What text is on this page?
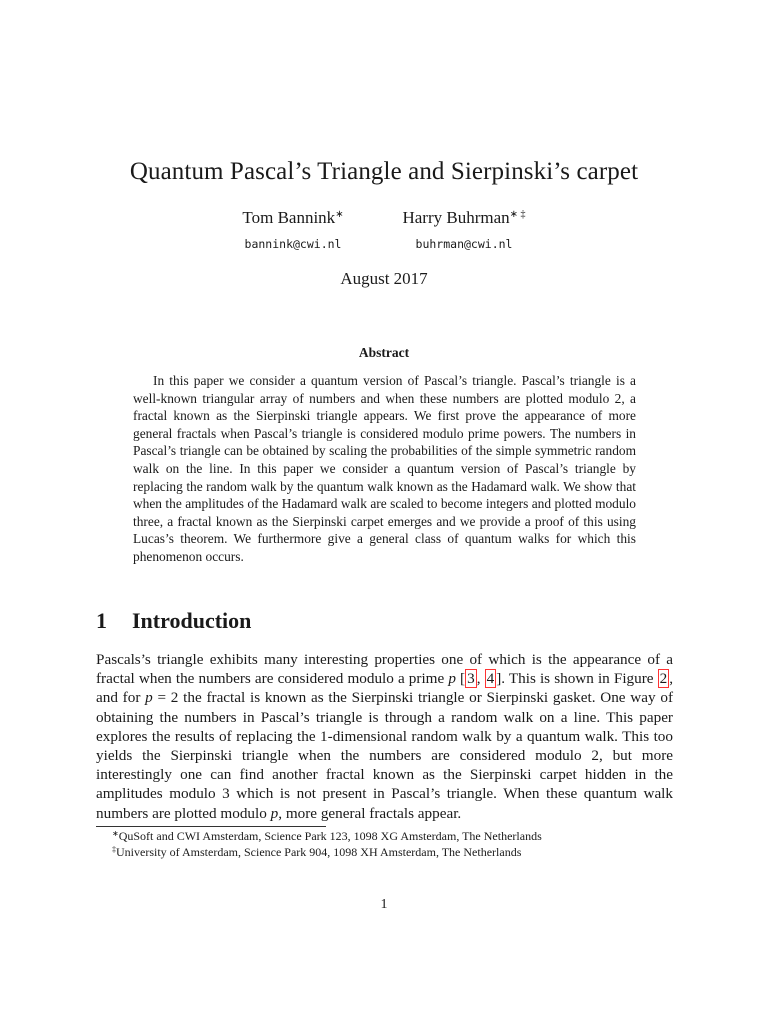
Quantum Pascal’s Triangle and Sierpinski’s carpet
Tom Bannink∗
bannink@cwi.nl
Harry Buhrman∗ ‡
buhrman@cwi.nl
August 2017
Abstract

In this paper we consider a quantum version of Pascal’s triangle. Pascal’s triangle is a well-known triangular array of numbers and when these numbers are plotted modulo 2, a fractal known as the Sierpinski triangle appears. We first prove the appearance of more general fractals when Pascal’s triangle is considered modulo prime powers. The numbers in Pascal’s triangle can be obtained by scaling the probabilities of the simple symmetric random walk on the line. In this paper we consider a quantum version of Pascal’s triangle by replacing the random walk by the quantum walk known as the Hadamard walk. We show that when the amplitudes of the Hadamard walk are scaled to become integers and plotted modulo three, a fractal known as the Sierpinski carpet emerges and we provide a proof of this using Lucas’s theorem. We furthermore give a general class of quantum walks for which this phenomenon occurs.

1 Introduction

Pascals’s triangle exhibits many interesting properties one of which is the appearance of a fractal when the numbers are considered modulo a prime p [ 3 , 4 ]. This is shown in Figure 2 , and for p = 2 the fractal is known as the Sierpinski triangle or Sierpinski gasket. One way of obtaining the numbers in Pascal’s triangle is through a random walk on a line. This paper explores the results of replacing the 1-dimensional random walk by a quantum walk. This too yields the Sierpinski triangle when the numbers are considered modulo 2, but more interestingly one can find another fractal known as the Sierpinski carpet hidden in the amplitudes modulo 3 which is not present in Pascal’s triangle. When these quantum walk numbers are plotted modulo p, more general fractals appear.

∗QuSoft and CWI Amsterdam, Science Park 123, 1098 XG Amsterdam, The Netherlands
‡University of Amsterdam, Science Park 904, 1098 XH Amsterdam, The Netherlands
1
